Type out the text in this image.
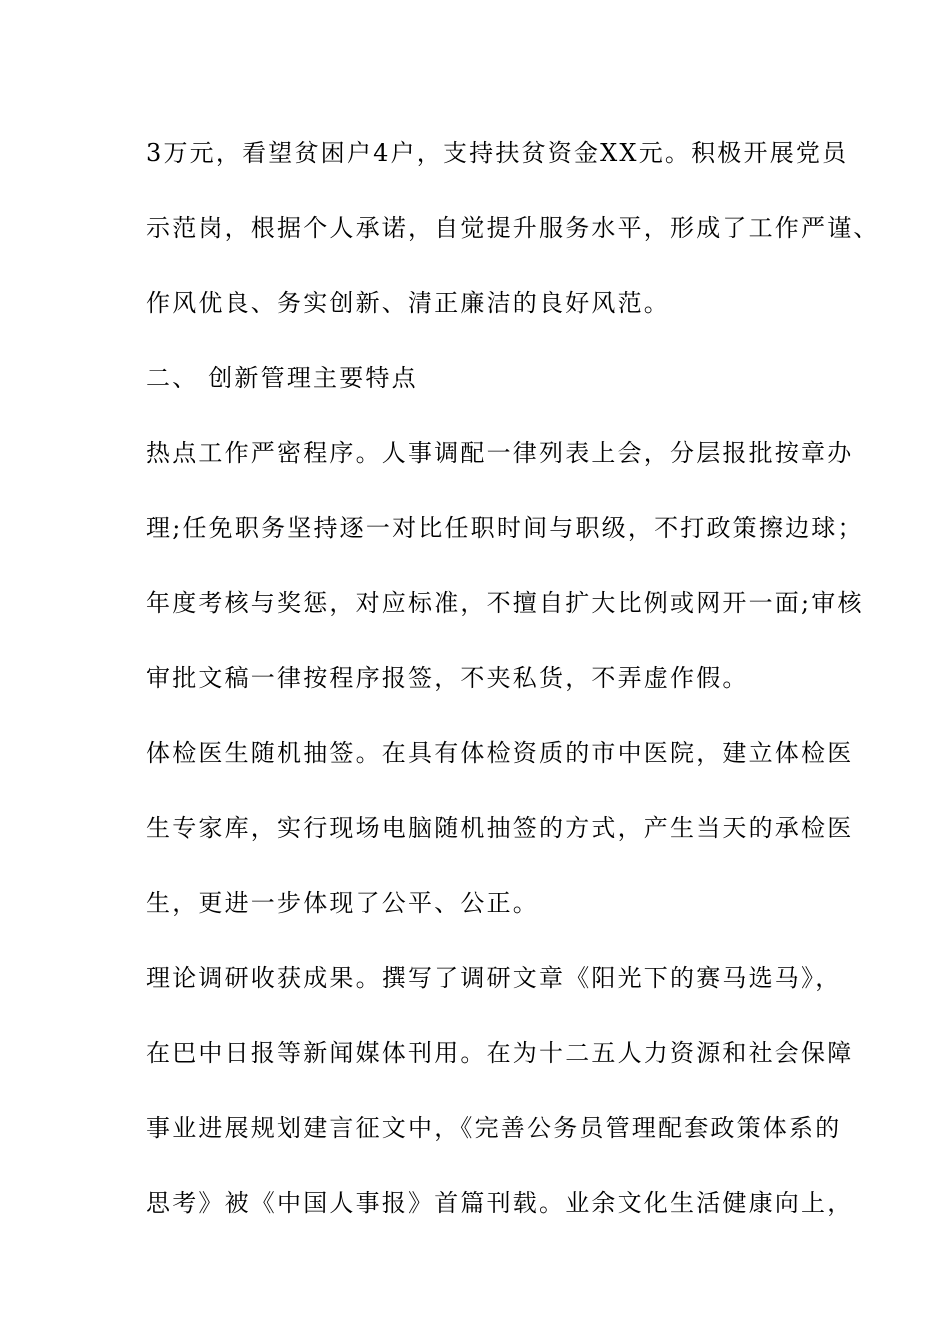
3万元，看望贫困户4户，支持扶贫资金XX元。积极开展党员
示范岗，根据个人承诺，自觉提升服务水平，形成了工作严谨、
作风优良、务实创新、清正廉洁的良好风范。
二、 创新管理主要特点
热点工作严密程序。人事调配一律列表上会，分层报批按章办
理;任免职务坚持逐一对比任职时间与职级，不打政策擦边球；
年度考核与奖惩，对应标准，不擅自扩大比例或网开一面;审核
审批文稿一律按程序报签，不夹私货，不弄虚作假。
体检医生随机抽签。在具有体检资质的市中医院，建立体检医
生专家库，实行现场电脑随机抽签的方式，产生当天的承检医
生，更进一步体现了公平、公正。
理论调研收获成果。撰写了调研文章《阳光下的赛马选马》，
在巴中日报等新闻媒体刊用。在为十二五人力资源和社会保障
事业进展规划建言征文中，《完善公务员管理配套政策体系的
思考》被《中国人事报》首篇刊载。业余文化生活健康向上，
